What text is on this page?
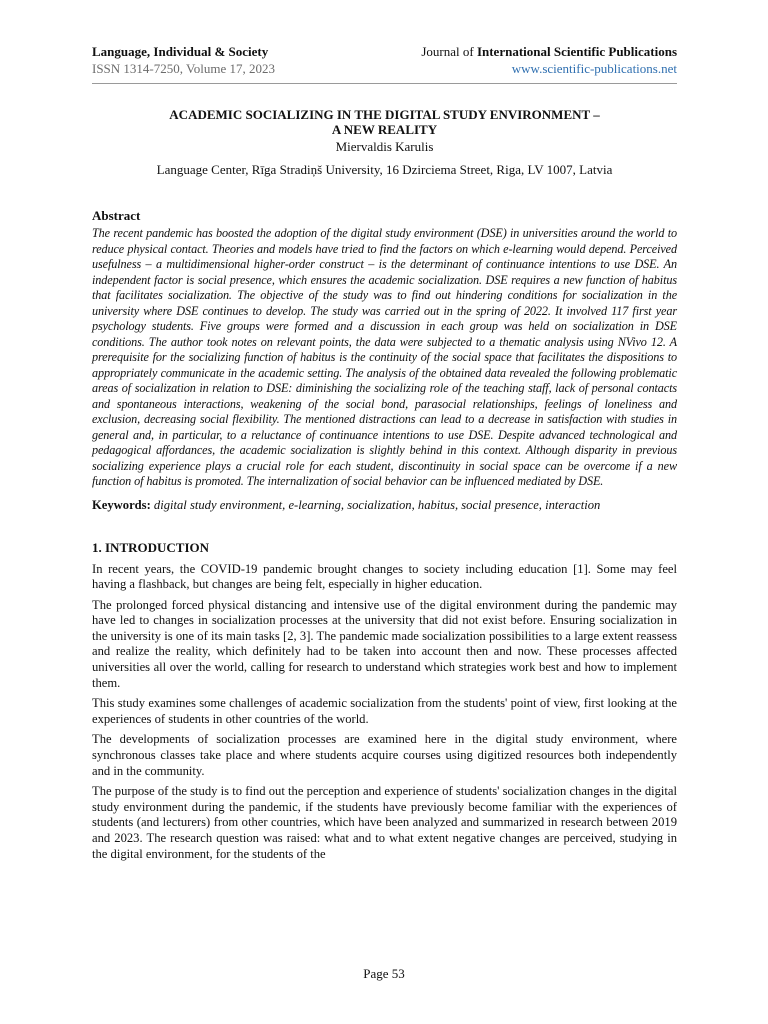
Language, Individual & Society
ISSN 1314-7250, Volume 17, 2023
Journal of International Scientific Publications
www.scientific-publications.net
ACADEMIC SOCIALIZING IN THE DIGITAL STUDY ENVIRONMENT –
A NEW REALITY
Miervaldis Karulis
Language Center, Rīga Stradiņš University, 16 Dzirciema Street, Riga, LV 1007, Latvia
Abstract

The recent pandemic has boosted the adoption of the digital study environment (DSE) in universities around the world to reduce physical contact. Theories and models have tried to find the factors on which e-learning would depend. Perceived usefulness – a multidimensional higher-order construct – is the determinant of continuance intentions to use DSE. An independent factor is social presence, which ensures the academic socialization. DSE requires a new function of habitus that facilitates socialization. The objective of the study was to find out hindering conditions for socialization in the university where DSE continues to develop. The study was carried out in the spring of 2022. It involved 117 first year psychology students. Five groups were formed and a discussion in each group was held on socialization in DSE conditions. The author took notes on relevant points, the data were subjected to a thematic analysis using NVivo 12. A prerequisite for the socializing function of habitus is the continuity of the social space that facilitates the dispositions to appropriately communicate in the academic setting. The analysis of the obtained data revealed the following problematic areas of socialization in relation to DSE: diminishing the socializing role of the teaching staff, lack of personal contacts and spontaneous interactions, weakening of the social bond, parasocial relationships, feelings of loneliness and exclusion, decreasing social flexibility. The mentioned distractions can lead to a decrease in satisfaction with studies in general and, in particular, to a reluctance of continuance intentions to use DSE. Despite advanced technological and pedagogical affordances, the academic socialization is slightly behind in this context. Although disparity in previous socializing experience plays a crucial role for each student, discontinuity in social space can be overcome if a new function of habitus is promoted. The internalization of social behavior can be influenced mediated by DSE.

Keywords: digital study environment, e-learning, socialization, habitus, social presence, interaction
1. INTRODUCTION

In recent years, the COVID-19 pandemic brought changes to society including education [1]. Some may feel having a flashback, but changes are being felt, especially in higher education.

The prolonged forced physical distancing and intensive use of the digital environment during the pandemic may have led to changes in socialization processes at the university that did not exist before. Ensuring socialization in the university is one of its main tasks [2, 3]. The pandemic made socialization possibilities to a large extent reassess and realize the reality, which definitely had to be taken into account then and now. These processes affected universities all over the world, calling for research to understand which strategies work best and how to implement them.

This study examines some challenges of academic socialization from the students' point of view, first looking at the experiences of students in other countries of the world.

The developments of socialization processes are examined here in the digital study environment, where synchronous classes take place and where students acquire courses using digitized resources both independently and in the community.

The purpose of the study is to find out the perception and experience of students' socialization changes in the digital study environment during the pandemic, if the students have previously become familiar with the experiences of students (and lecturers) from other countries, which have been analyzed and summarized in research between 2019 and 2023. The research question was raised: what and to what extent negative changes are perceived, studying in the digital environment, for the students of the

Page 53
